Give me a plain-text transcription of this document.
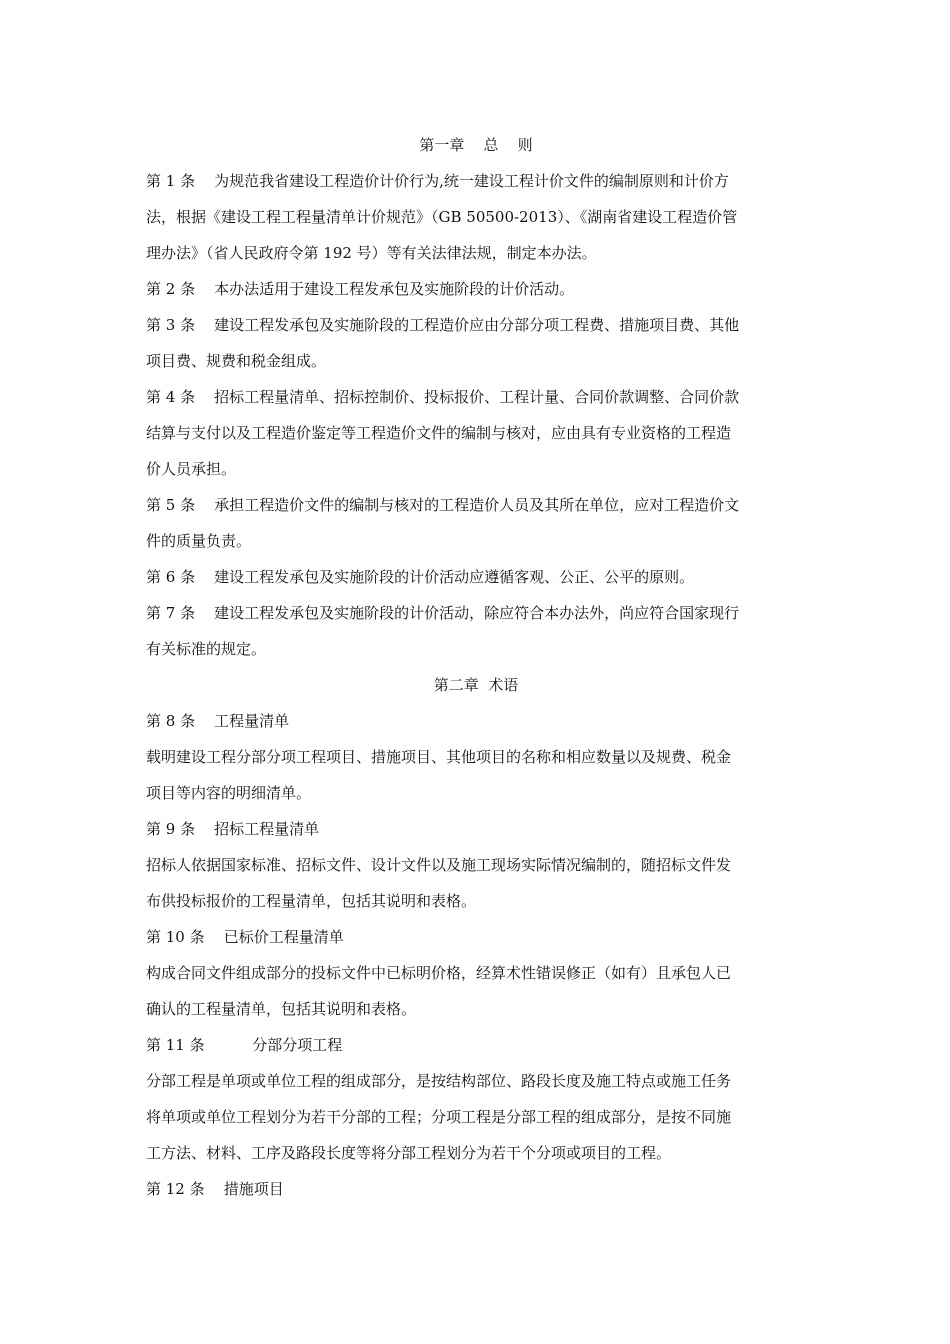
第一章    总    则
第 1 条    为规范我省建设工程造价计价行为,统一建设工程计价文件的编制原则和计价方
法，根据《建设工程工程量清单计价规范》（GB 50500-2013）、《湖南省建设工程造价管
理办法》（省人民政府令第 192 号）等有关法律法规，制定本办法。
第 2 条    本办法适用于建设工程发承包及实施阶段的计价活动。
第 3 条    建设工程发承包及实施阶段的工程造价应由分部分项工程费、措施项目费、其他
项目费、规费和税金组成。
第 4 条    招标工程量清单、招标控制价、投标报价、工程计量、合同价款调整、合同价款
结算与支付以及工程造价鉴定等工程造价文件的编制与核对，应由具有专业资格的工程造
价人员承担。
第 5 条    承担工程造价文件的编制与核对的工程造价人员及其所在单位，应对工程造价文
件的质量负责。
第 6 条    建设工程发承包及实施阶段的计价活动应遵循客观、公正、公平的原则。
第 7 条    建设工程发承包及实施阶段的计价活动，除应符合本办法外，尚应符合国家现行
有关标准的规定。
第二章  术语
第 8 条    工程量清单
载明建设工程分部分项工程项目、措施项目、其他项目的名称和相应数量以及规费、税金
项目等内容的明细清单。
第 9 条    招标工程量清单
招标人依据国家标准、招标文件、设计文件以及施工现场实际情况编制的，随招标文件发
布供投标报价的工程量清单，包括其说明和表格。
第 10 条    已标价工程量清单
构成合同文件组成部分的投标文件中已标明价格，经算术性错误修正（如有）且承包人已
确认的工程量清单，包括其说明和表格。
第 11 条          分部分项工程
分部工程是单项或单位工程的组成部分，是按结构部位、路段长度及施工特点或施工任务
将单项或单位工程划分为若干分部的工程；分项工程是分部工程的组成部分，是按不同施
工方法、材料、工序及路段长度等将分部工程划分为若干个分项或项目的工程。
第 12 条    措施项目
